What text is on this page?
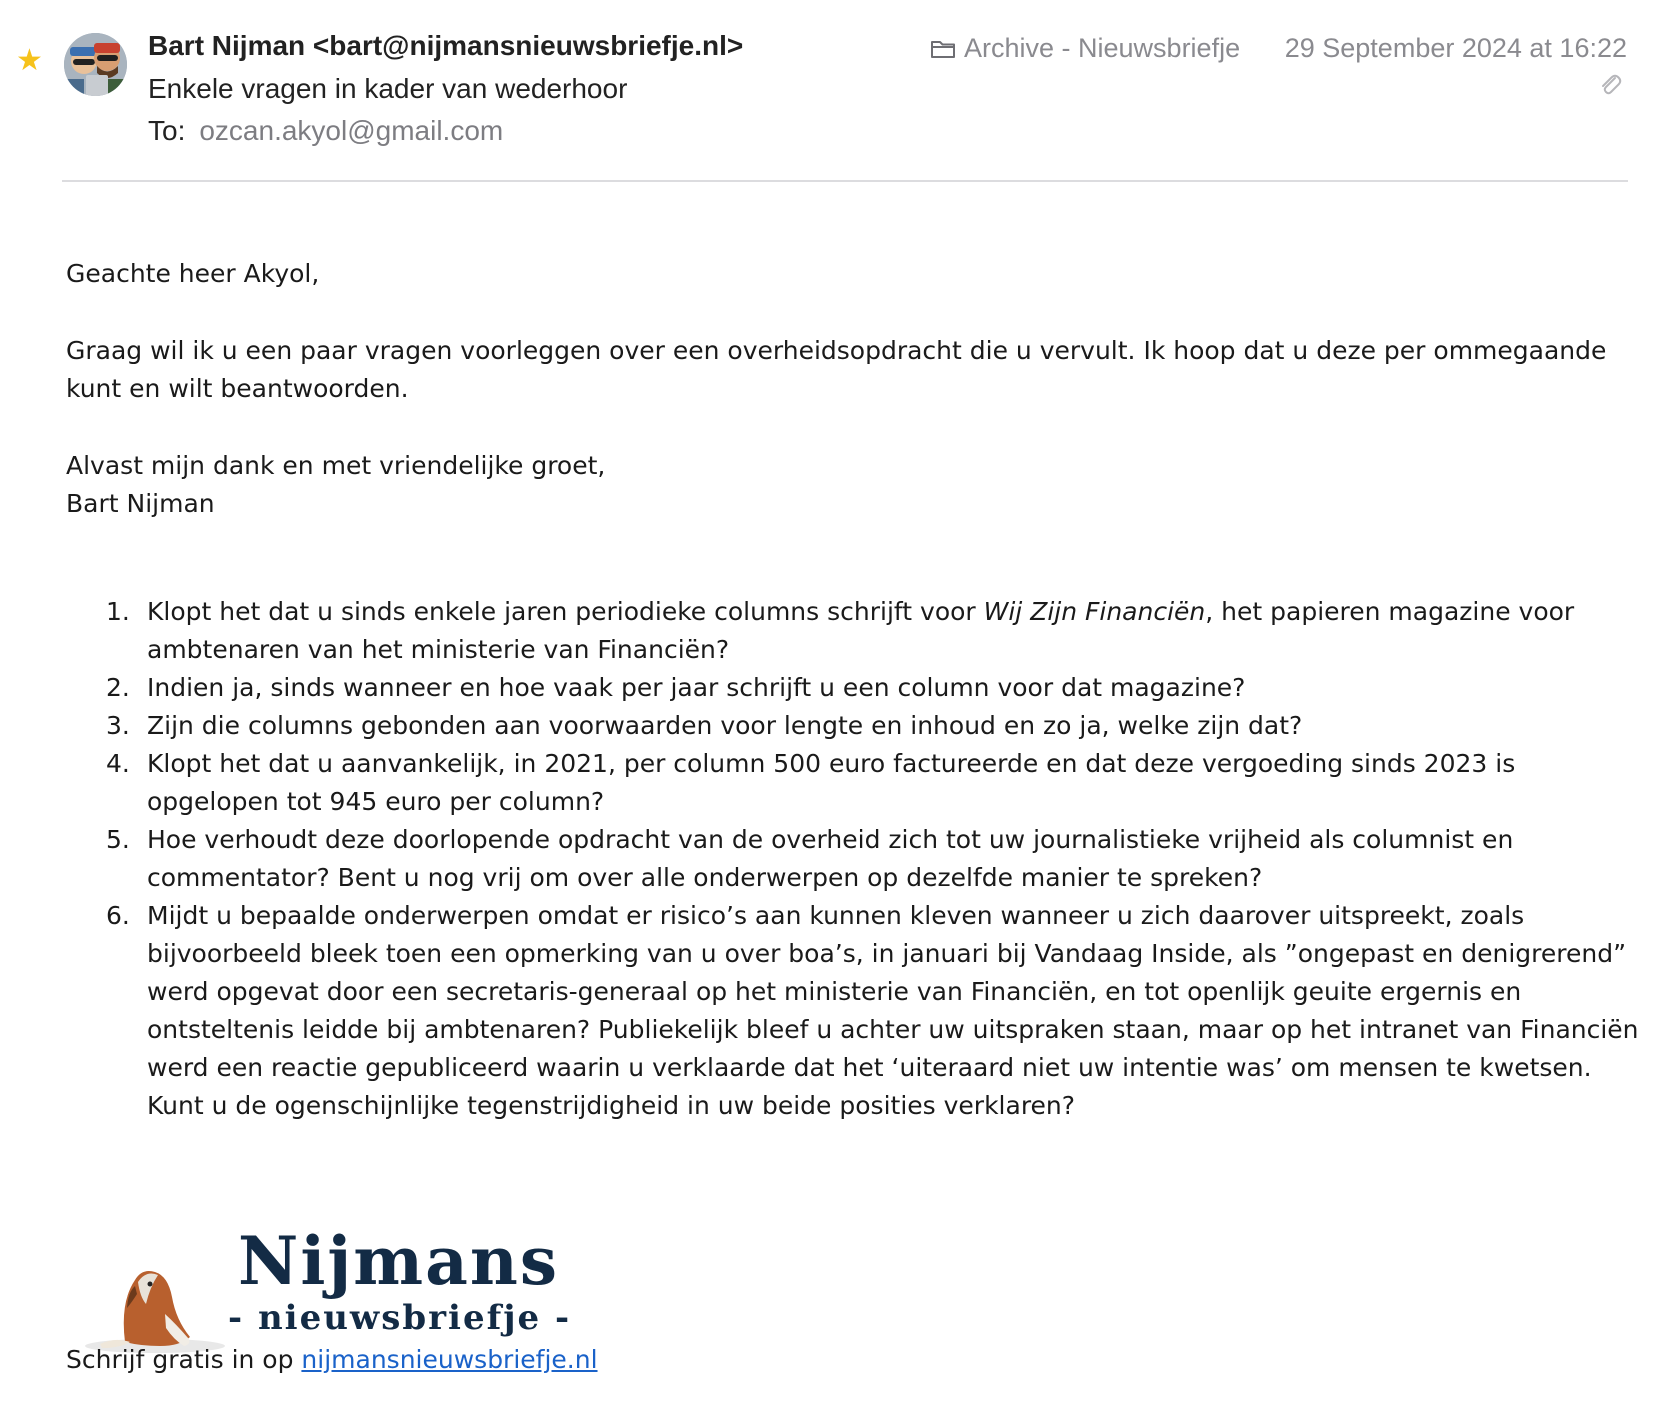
★	Bart Nijman <bart@nijmansnieuwsbriefje.nl>
Enkele vragen in kader van wederhoor
To: ozcan.akyol@gmail.com
Archive - Nieuwsbriefje 29 September 2024 at 16:22

Geachte heer Akyol,

Graag wil ik u een paar vragen voorleggen over een overheidsopdracht die u vervult. Ik hoop dat u deze per ommegaande kunt en wilt beantwoorden.

Alvast mijn dank en met vriendelijke groet,

Bart Nijman

1. Klopt het dat u sinds enkele jaren periodieke columns schrijft voor Wij Zijn Financiën, het papieren magazine voor ambtenaren van het ministerie van Financiën?
2. Indien ja, sinds wanneer en hoe vaak per jaar schrijft u een column voor dat magazine?
3. Zijn die columns gebonden aan voorwaarden voor lengte en inhoud en zo ja, welke zijn dat?
4. Klopt het dat u aanvankelijk, in 2021, per column 500 euro factureerde en dat deze vergoeding sinds 2023 is opgelopen tot 945 euro per column?
5. Hoe verhoudt deze doorlopende opdracht van de overheid zich tot uw journalistieke vrijheid als columnist en commentator? Bent u nog vrij om over alle onderwerpen op dezelfde manier te spreken?
6. Mijdt u bepaalde onderwerpen omdat er risico’s aan kunnen kleven wanneer u zich daarover uitspreekt, zoals bijvoorbeeld bleek toen een opmerking van u over boa’s, in januari bij Vandaag Inside, als ”ongepast en denigrerend” werd opgevat door een secretaris-generaal op het ministerie van Financiën, en tot openlijk geuite ergernis en ontsteltenis leidde bij ambtenaren? Publiekelijk bleef u achter uw uitspraken staan, maar op het intranet van Financiën werd een reactie gepubliceerd waarin u verklaarde dat het ‘uiteraard niet uw intentie was’ om mensen te kwetsen. Kunt u de ogenschijnlijke tegenstrijdigheid in uw beide posities verklaren?
Nijmans
- nieuwsbriefje -
Schrijf gratis in op nijmansnieuwsbriefje.nl
